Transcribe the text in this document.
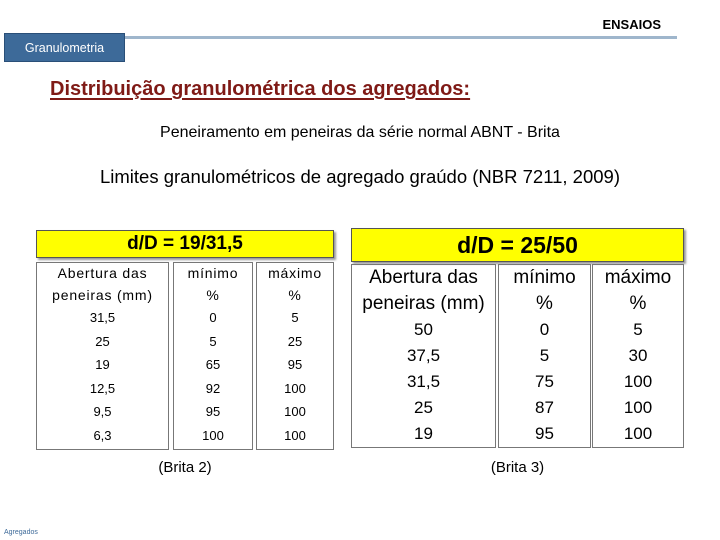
ENSAIOS
Granulometria
Distribuição granulométrica dos agregados:
Peneiramento em peneiras da série normal ABNT - Brita
Limites granulométricos de agregado graúdo (NBR 7211, 2009)
d/D = 19/31,5
Abertura das
peneiras (mm)
31,5
25
19
12,5
9,5
6,3
mínimo
%
0
5
65
92
95
100
máximo
%
5
25
95
100
100
100
(Brita 2)
d/D = 25/50
Abertura das
peneiras (mm)
50
37,5
31,5
25
19
mínimo
%
0
5
75
87
95
máximo
%
5
30
100
100
100
(Brita 3)
Agregados
